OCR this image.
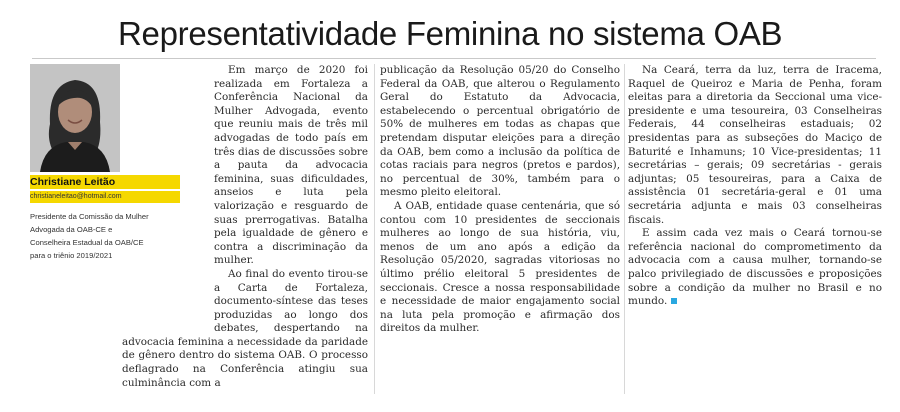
Representatividade Feminina no sistema OAB
Christiane Leitão
christianeleitao@hotmail.com
Presidente da Comissão da Mulher Advogada da OAB-CE e Conselheira Estadual da OAB/CE para o triênio 2019/2021

Em março de 2020 foi realizada em Fortaleza a Conferência Nacional da Mulher Advogada, evento que reuniu mais de três mil advogadas de todo país em três dias de discussões sobre a pauta da advocacia feminina, suas dificuldades, anseios e luta pela valorização e resguardo de suas prerrogativas. Batalha pela igualdade de gênero e contra a discriminação da mulher.

Ao final do evento tirou-se a Carta de Fortaleza, documento-síntese das teses produzidas ao longo dos debates, despertando na advocacia feminina a necessidade da paridade de gênero dentro do sistema OAB. O processo deflagrado na Conferência atingiu sua culminância com a

publicação da Resolução 05/20 do Conselho Federal da OAB, que alterou o Regulamento Geral do Estatuto da Advocacia, estabelecendo o percentual obrigatório de 50% de mulheres em todas as chapas que pretendam disputar eleições para a direção da OAB, bem como a inclusão da política de cotas raciais para negros (pretos e pardos), no percentual de 30%, também para o mesmo pleito eleitoral.

A OAB, entidade quase centenária, que só contou com 10 presidentes de seccionais mulheres ao longo de sua história, viu, menos de um ano após a edição da Resolução 05/2020, sagradas vitoriosas no último prélio eleitoral 5 presidentes de seccionais. Cresce a nossa responsabilidade e necessidade de maior engajamento social na luta pela promoção e afirmação dos direitos da mulher.

Na Ceará, terra da luz, terra de Iracema, Raquel de Queiroz e Maria de Penha, foram eleitas para a diretoria da Seccional uma vice-presidente e uma tesoureira, 03 Conselheiras Federais, 44 conselheiras estaduais; 02 presidentas para as subseções do Maciço de Baturité e Inhamuns; 10 Vice-presidentas; 11 secretárias – gerais; 09 secretárias - gerais adjuntas; 05 tesoureiras, para a Caixa de assistência 01 secretária-geral e 01 uma secretária adjunta e mais 03 conselheiras fiscais.

E assim cada vez mais o Ceará tornou-se referência nacional do comprometimento da advocacia com a causa mulher, tornando-se palco privilegiado de discussões e proposições sobre a condição da mulher no Brasil e no mundo.
